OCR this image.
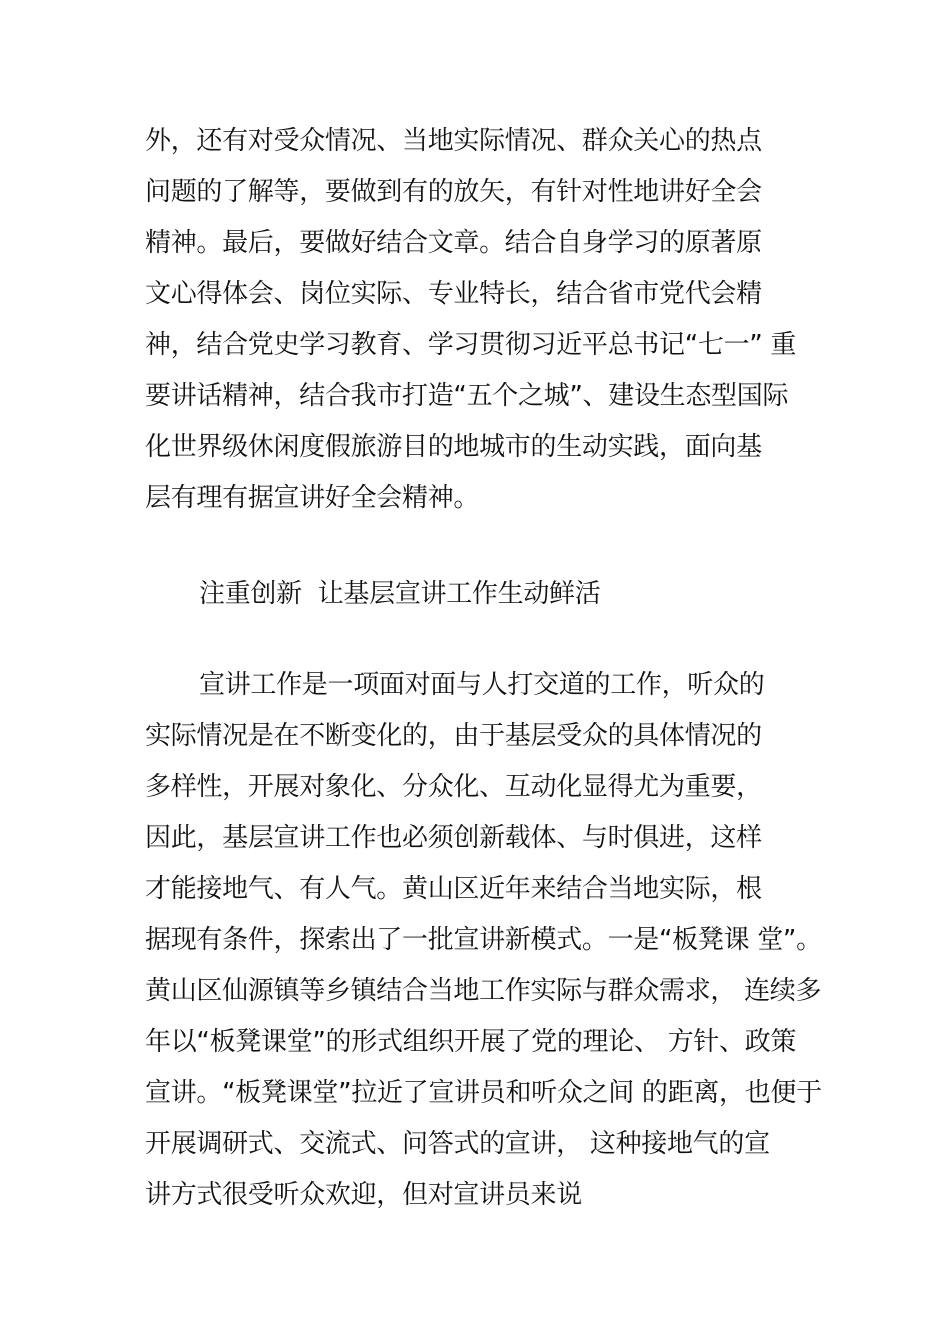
外，还有对受众情况、当地实际情况、群众关心的热点
问题的了解等，要做到有的放矢，有针对性地讲好全会
精神。最后，要做好结合文章。结合自身学习的原著原
文心得体会、岗位实际、专业特长，结合省市党代会精
神，结合党史学习教育、学习贯彻习近平总书记“七一” 重
要讲话精神，结合我市打造“五个之城”、建设生态型国际
化世界级休闲度假旅游目的地城市的生动实践，面向基
层有理有据宣讲好全会精神。
注重创新  让基层宣讲工作生动鲜活
宣讲工作是一项面对面与人打交道的工作，听众的
实际情况是在不断变化的，由于基层受众的具体情况的
多样性，开展对象化、分众化、互动化显得尤为重要，
因此，基层宣讲工作也必须创新载体、与时俱进，这样
才能接地气、有人气。黄山区近年来结合当地实际，根
据现有条件，探索出了一批宣讲新模式。一是“板凳课 堂”。
黄山区仙源镇等乡镇结合当地工作实际与群众需求， 连续多
年以“板凳课堂”的形式组织开展了党的理论、 方针、政策
宣讲。“板凳课堂”拉近了宣讲员和听众之间 的距离，也便于
开展调研式、交流式、问答式的宣讲， 这种接地气的宣
讲方式很受听众欢迎，但对宣讲员来说
